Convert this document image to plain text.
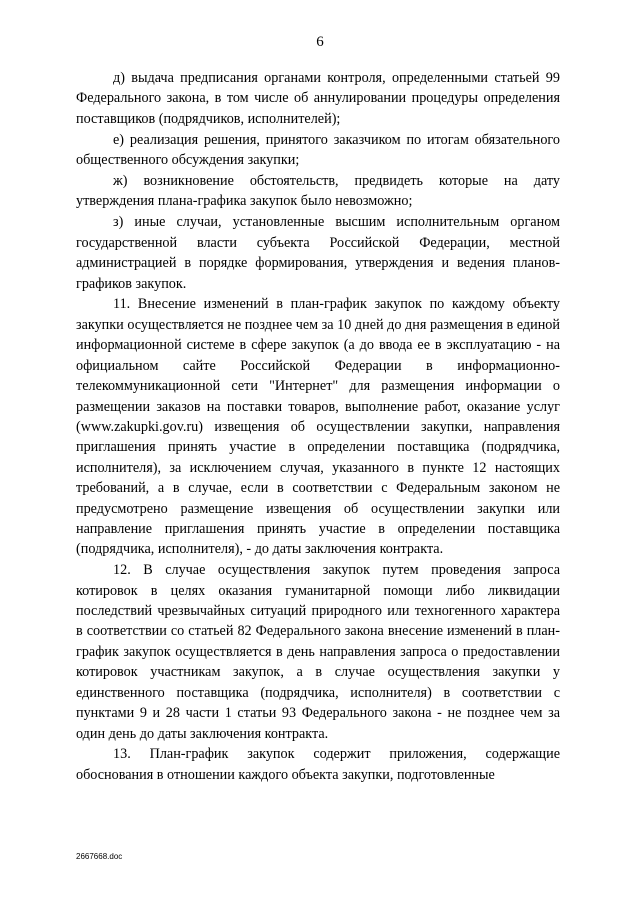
6

д) выдача предписания органами контроля, определенными статьей 99 Федерального закона, в том числе об аннулировании процедуры определения поставщиков (подрядчиков, исполнителей);

е) реализация решения, принятого заказчиком по итогам обязательного общественного обсуждения закупки;

ж) возникновение обстоятельств, предвидеть которые на дату утверждения плана-графика закупок было невозможно;

з) иные случаи, установленные высшим исполнительным органом государственной власти субъекта Российской Федерации, местной администрацией в порядке формирования, утверждения и ведения планов-графиков закупок.

11. Внесение изменений в план-график закупок по каждому объекту закупки осуществляется не позднее чем за 10 дней до дня размещения в единой информационной системе в сфере закупок (а до ввода ее в эксплуатацию - на официальном сайте Российской Федерации в информационно-телекоммуникационной сети "Интернет" для размещения информации о размещении заказов на поставки товаров, выполнение работ, оказание услуг (www.zakupki.gov.ru) извещения об осуществлении закупки, направления приглашения принять участие в определении поставщика (подрядчика, исполнителя), за исключением случая, указанного в пункте 12 настоящих требований, а в случае, если в соответствии с Федеральным законом не предусмотрено размещение извещения об осуществлении закупки или направление приглашения принять участие в определении поставщика (подрядчика, исполнителя), - до даты заключения контракта.

12. В случае осуществления закупок путем проведения запроса котировок в целях оказания гуманитарной помощи либо ликвидации последствий чрезвычайных ситуаций природного или техногенного характера в соответствии со статьей 82 Федерального закона внесение изменений в план-график закупок осуществляется в день направления запроса о предоставлении котировок участникам закупок, а в случае осуществления закупки у единственного поставщика (подрядчика, исполнителя) в соответствии с пунктами 9 и 28 части 1 статьи 93 Федерального закона - не позднее чем за один день до даты заключения контракта.

13. План-график закупок содержит приложения, содержащие обоснования в отношении каждого объекта закупки, подготовленные

2667668.doc
